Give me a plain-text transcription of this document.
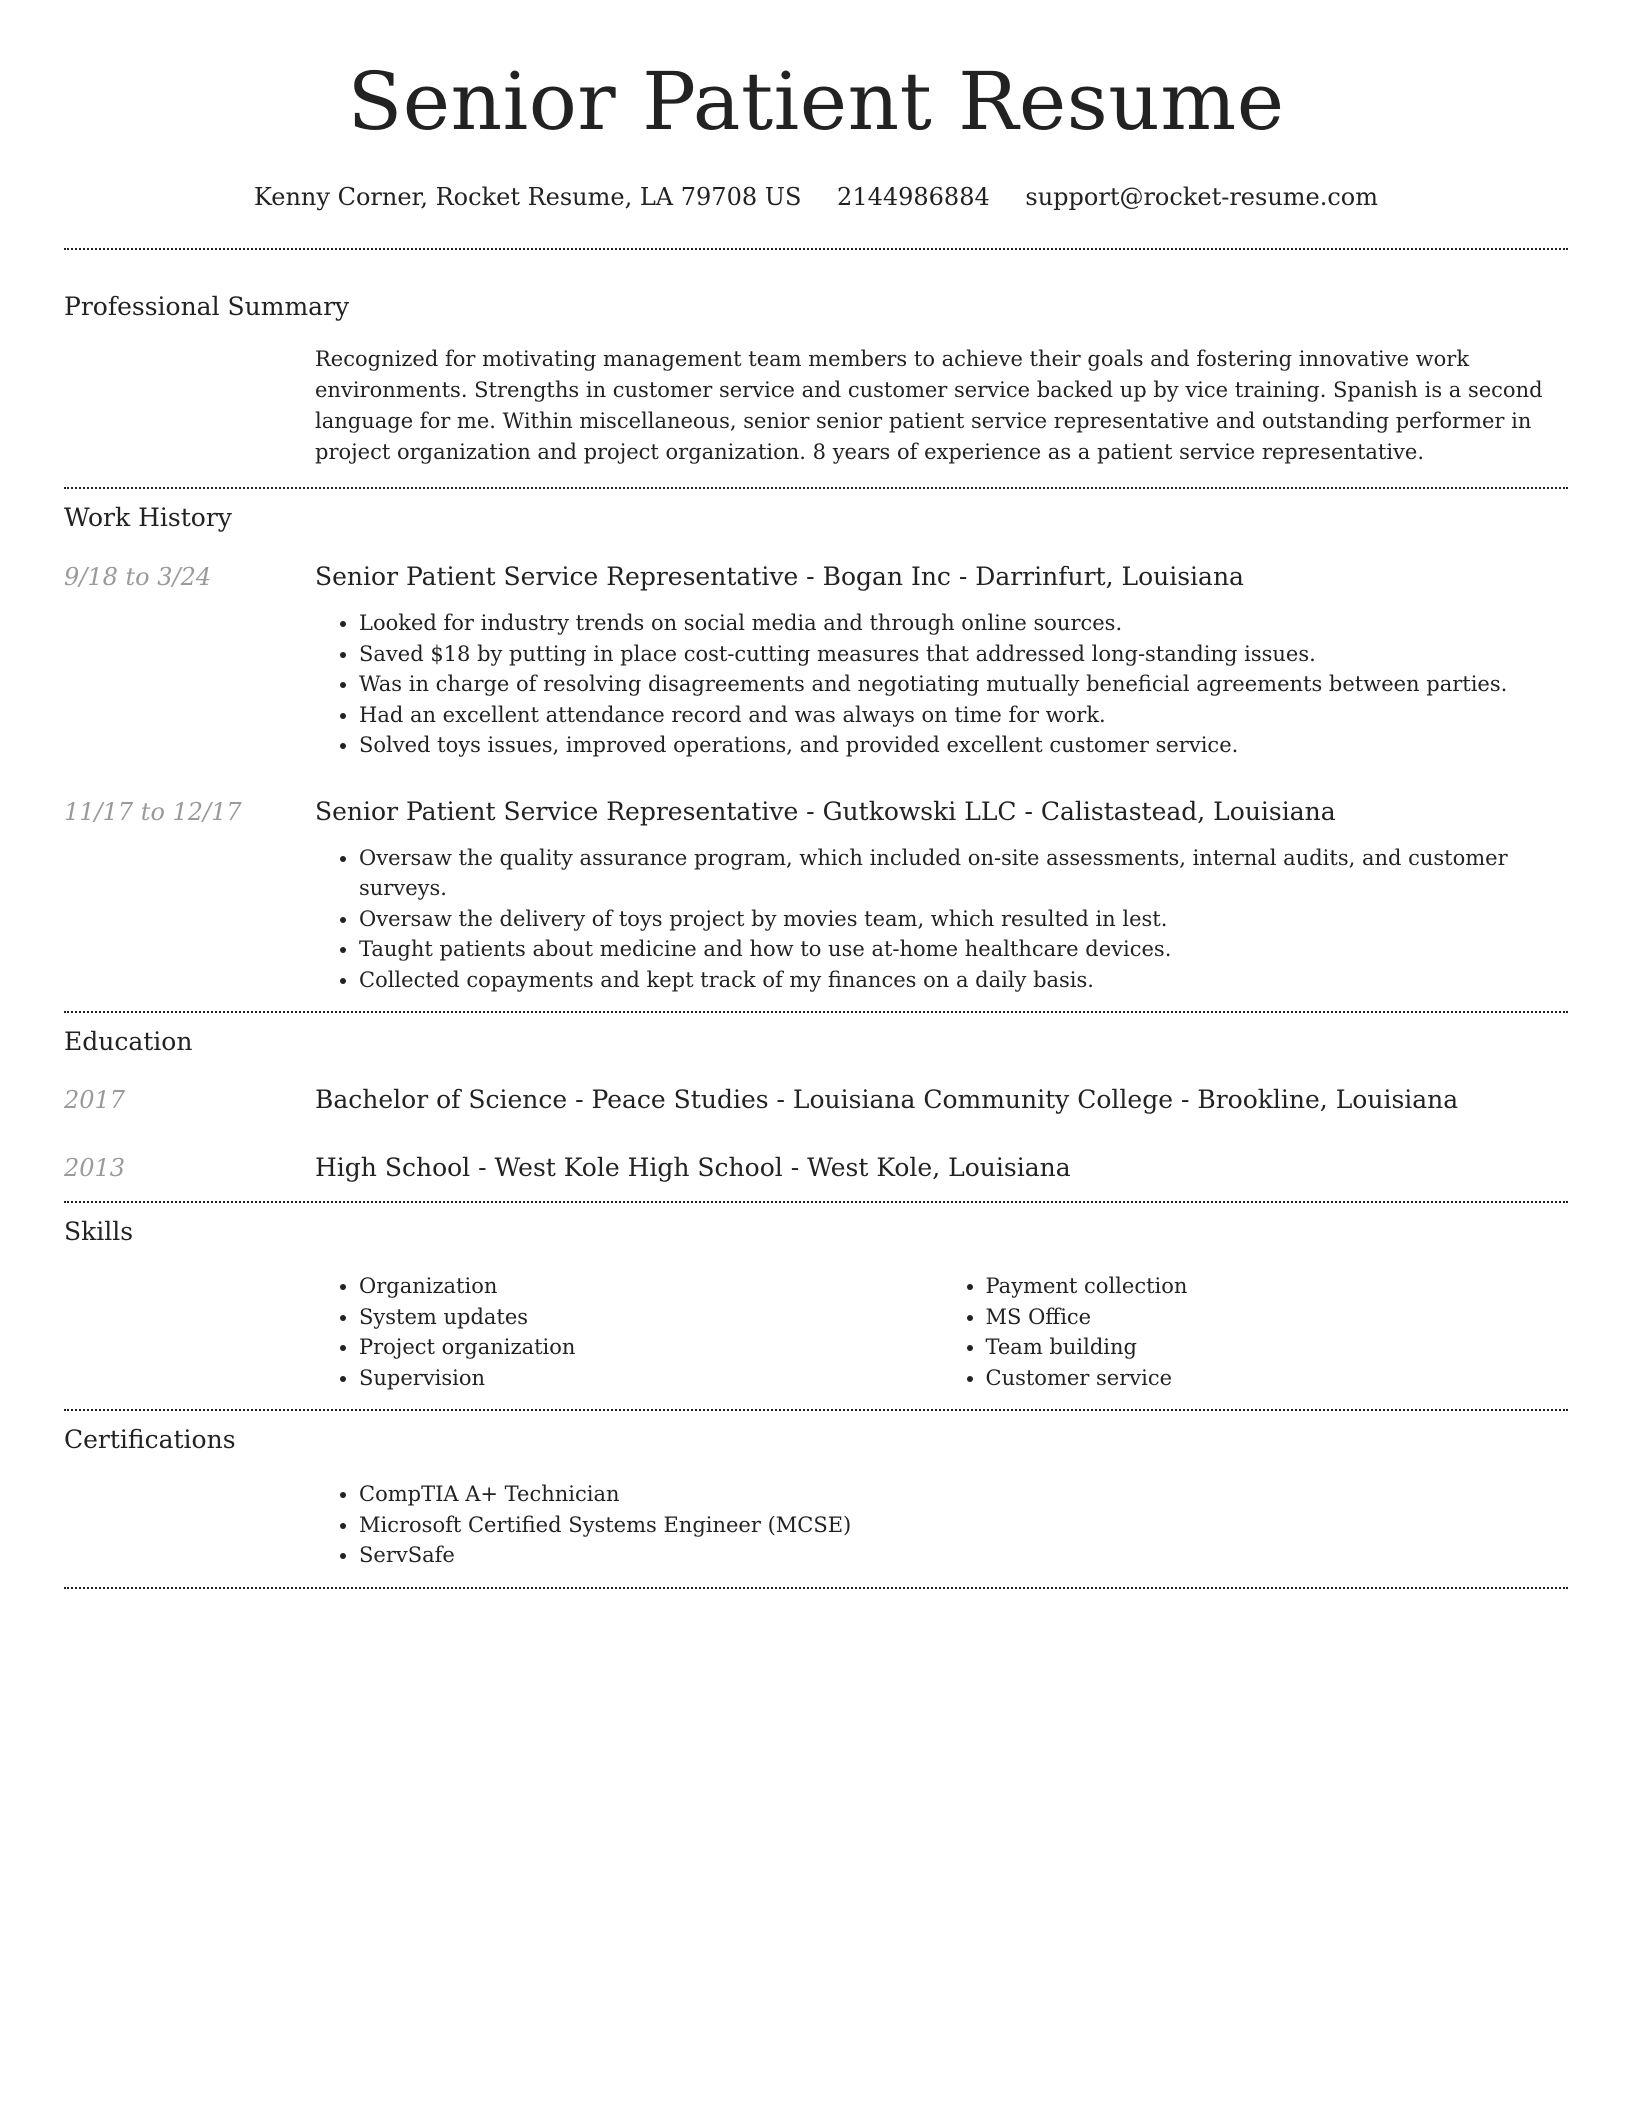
Senior Patient Resume
Kenny Corner, Rocket Resume, LA 79708 US 2144986884 support@rocket-resume.com
Professional Summary
Recognized for motivating management team members to achieve their goals and fostering innovative work environments. Strengths in customer service and customer service backed up by vice training. Spanish is a second language for me. Within miscellaneous, senior senior patient service representative and outstanding performer in project organization and project organization. 8 years of experience as a patient service representative.
Work History
9/18 to 3/24	Senior Patient Service Representative - Bogan Inc - Darrinfurt, Louisiana
• Looked for industry trends on social media and through online sources.
• Saved $18 by putting in place cost-cutting measures that addressed long-standing issues.
• Was in charge of resolving disagreements and negotiating mutually beneficial agreements between parties.
• Had an excellent attendance record and was always on time for work.
• Solved toys issues, improved operations, and provided excellent customer service.
11/17 to 12/17	Senior Patient Service Representative - Gutkowski LLC - Calistastead, Louisiana
• Oversaw the quality assurance program, which included on-site assessments, internal audits, and customer surveys.
• Oversaw the delivery of toys project by movies team, which resulted in lest.
• Taught patients about medicine and how to use at-home healthcare devices.
• Collected copayments and kept track of my finances on a daily basis.
Education
2017	Bachelor of Science - Peace Studies - Louisiana Community College - Brookline, Louisiana
2013	High School - West Kole High School - West Kole, Louisiana
Skills
• Organization
• System updates
• Project organization
• Supervision
• Payment collection
• MS Office
• Team building
• Customer service
Certifications
• CompTIA A+ Technician
• Microsoft Certified Systems Engineer (MCSE)
• ServSafe
